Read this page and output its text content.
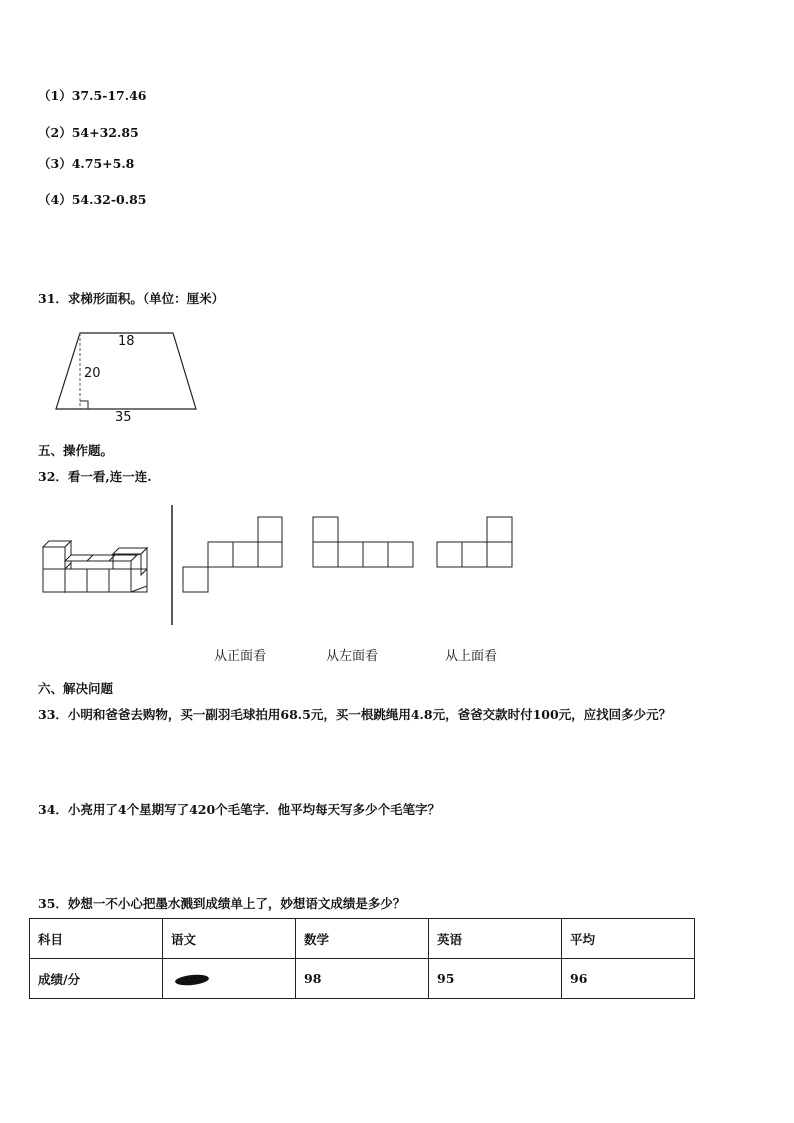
（1）37.5-17.46
（2）54+32.85
（3）4.75+5.8
（4）54.32-0.85
31．求梯形面积。（单位：厘米）
18
20
35
五、操作题。
32．看一看,连一连.
从正面看	从左面看	从上面看
六、解决问题
33．小明和爸爸去购物，买一副羽毛球拍用68.5元，买一根跳绳用4.8元，爸爸交款时付100元，应找回多少元？
34．小亮用了4个星期写了420个毛笔字．他平均每天写多少个毛笔字？
35．妙想一不小心把墨水溅到成绩单上了，妙想语文成绩是多少？
科目	语文	数学	英语	平均
成绩/分		98	95	96
